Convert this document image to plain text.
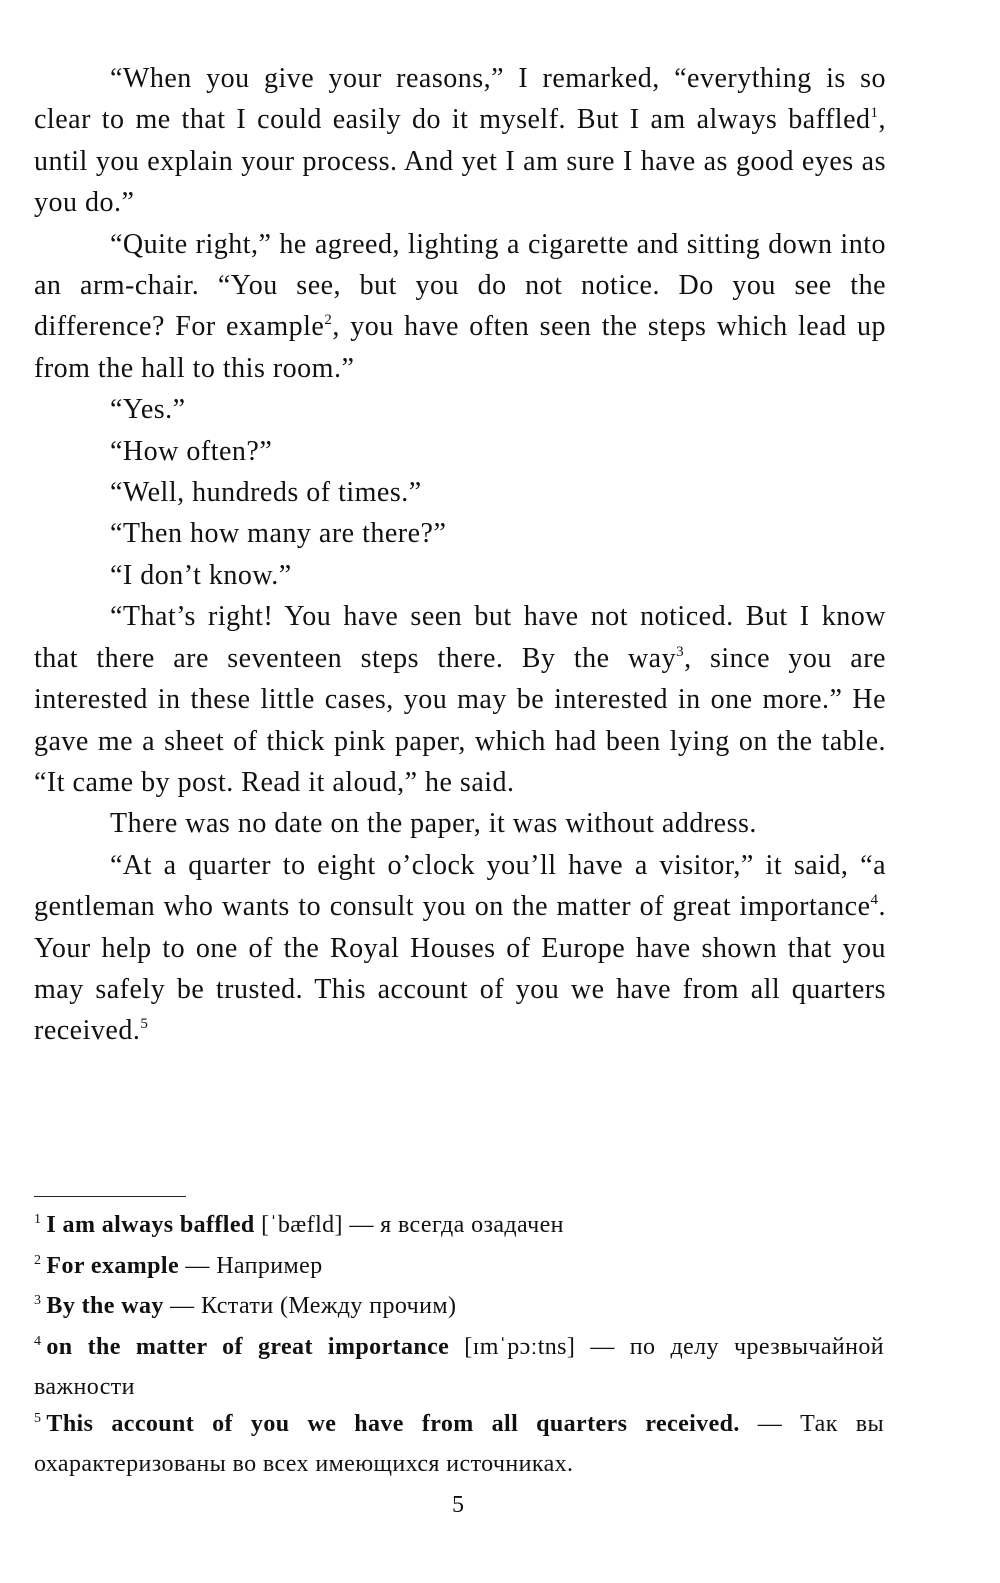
“When you give your reasons,” I remarked, “everything is so clear to me that I could easily do it myself. But I am always baffled$^1$, until you explain your process. And yet I am sure I have as good eyes as you do.”

“Quite right,” he agreed, lighting a cigarette and sitting down into an arm-chair. “You see, but you do not notice. Do you see the difference? For example$^2$, you have often seen the steps which lead up from the hall to this room.”

“Yes.”

“How often?”

“Well, hundreds of times.”

“Then how many are there?”

“I don’t know.”

“That’s right! You have seen but have not noticed. But I know that there are seventeen steps there. By the way$^3$, since you are interested in these little cases, you may be interested in one more.” He gave me a sheet of thick pink paper, which had been lying on the table. “It came by post. Read it aloud,” he said.

There was no date on the paper, it was without address.

“At a quarter to eight o’clock you’ll have a visitor,” it said, “a gentleman who wants to consult you on the matter of great importance$^4$. Your help to one of the Royal Houses of Europe have shown that you may safely be trusted. This account of you we have from all quarters received.$^5$

$^1$ I am always baffled [ˈbæfld] — я всегда озадачен
$^2$ For example — Например
$^3$ By the way — Кстати (Между прочим)
$^4$ on the matter of great importance [ɪmˈpɔːtns] — по делу чрезвычайной важности
$^5$ This account of you we have from all quarters received. — Так вы охарактеризованы во всех имеющихся источниках.
5
